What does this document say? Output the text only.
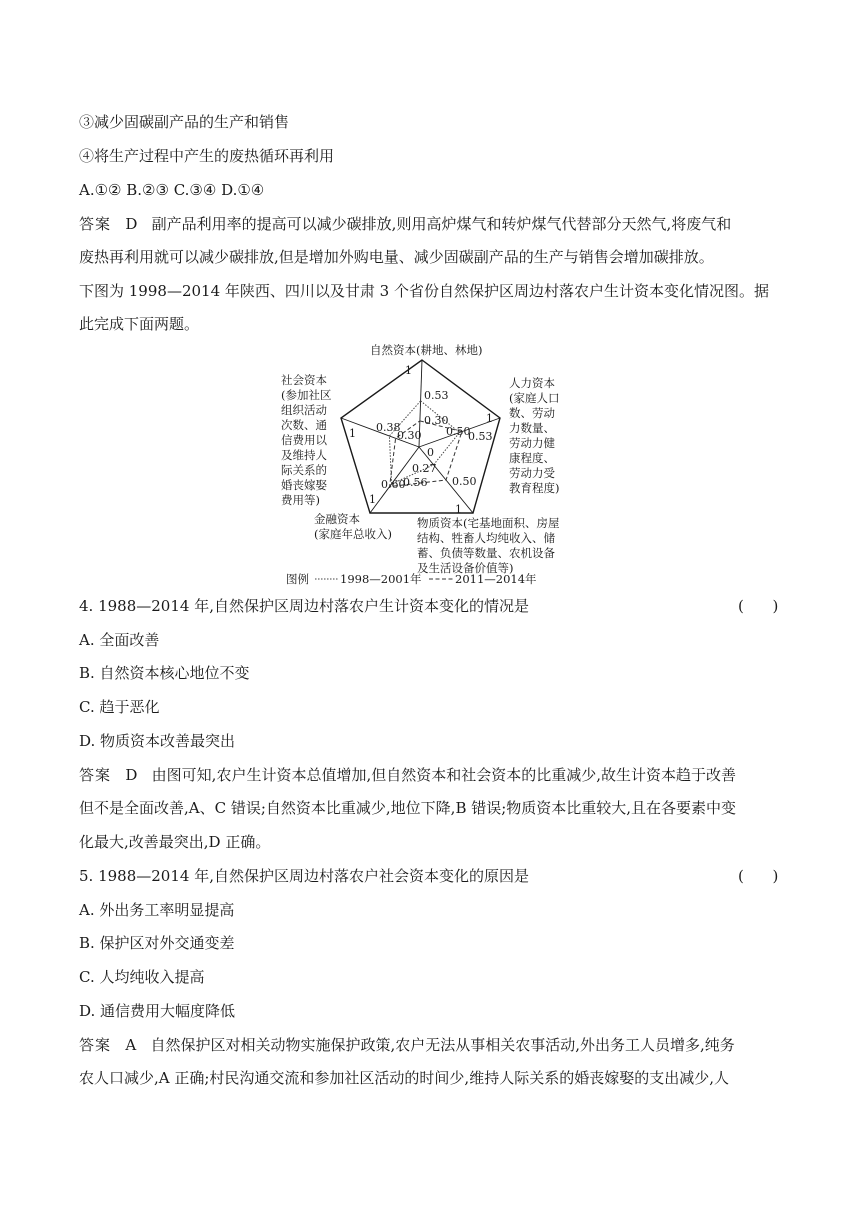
③减少固碳副产品的生产和销售
④将生产过程中产生的废热循环再利用
A.①② B.②③ C.③④ D.①④
答案 D 副产品利用率的提高可以减少碳排放,则用高炉煤气和转炉煤气代替部分天然气,将废气和
废热再利用就可以减少碳排放,但是增加外购电量、减少固碳副产品的生产与销售会增加碳排放。
下图为 1998—2014 年陕西、四川以及甘肃 3 个省份自然保护区周边村落农户生计资本变化情况图。据
此完成下面两题。
1
1
1
1
1
0.53
0.30
0.50
0.53
0.38
0.30
0
0.27
0.50
0.60
0.56
自然资本(耕地、林地)
人力资本
(家庭人口
数、劳动
力数量、
劳动力健
康程度、
劳动力受
教育程度)
物质资本(宅基地面积、房屋
结构、牲畜人均纯收入、储
蓄、负债等数量、农机设备
及生活设备价值等)
金融资本
(家庭年总收入)
社会资本
(参加社区
组织活动
次数、通
信费用以
及维持人
际关系的
婚丧嫁娶
费用等)
图例	1998—2001年	2011—2014年
4. 1988—2014 年,自然保护区周边村落农户生计资本变化的情况是	(      )
A. 全面改善
B. 自然资本核心地位不变
C. 趋于恶化
D. 物质资本改善最突出
答案 D 由图可知,农户生计资本总值增加,但自然资本和社会资本的比重减少,故生计资本趋于改善
但不是全面改善,A、C 错误;自然资本比重减少,地位下降,B 错误;物质资本比重较大,且在各要素中变
化最大,改善最突出,D 正确。
5. 1988—2014 年,自然保护区周边村落农户社会资本变化的原因是	(      )
A. 外出务工率明显提高
B. 保护区对外交通变差
C. 人均纯收入提高
D. 通信费用大幅度降低
答案 A 自然保护区对相关动物实施保护政策,农户无法从事相关农事活动,外出务工人员增多,纯务
农人口减少,A 正确;村民沟通交流和参加社区活动的时间少,维持人际关系的婚丧嫁娶的支出减少,人
